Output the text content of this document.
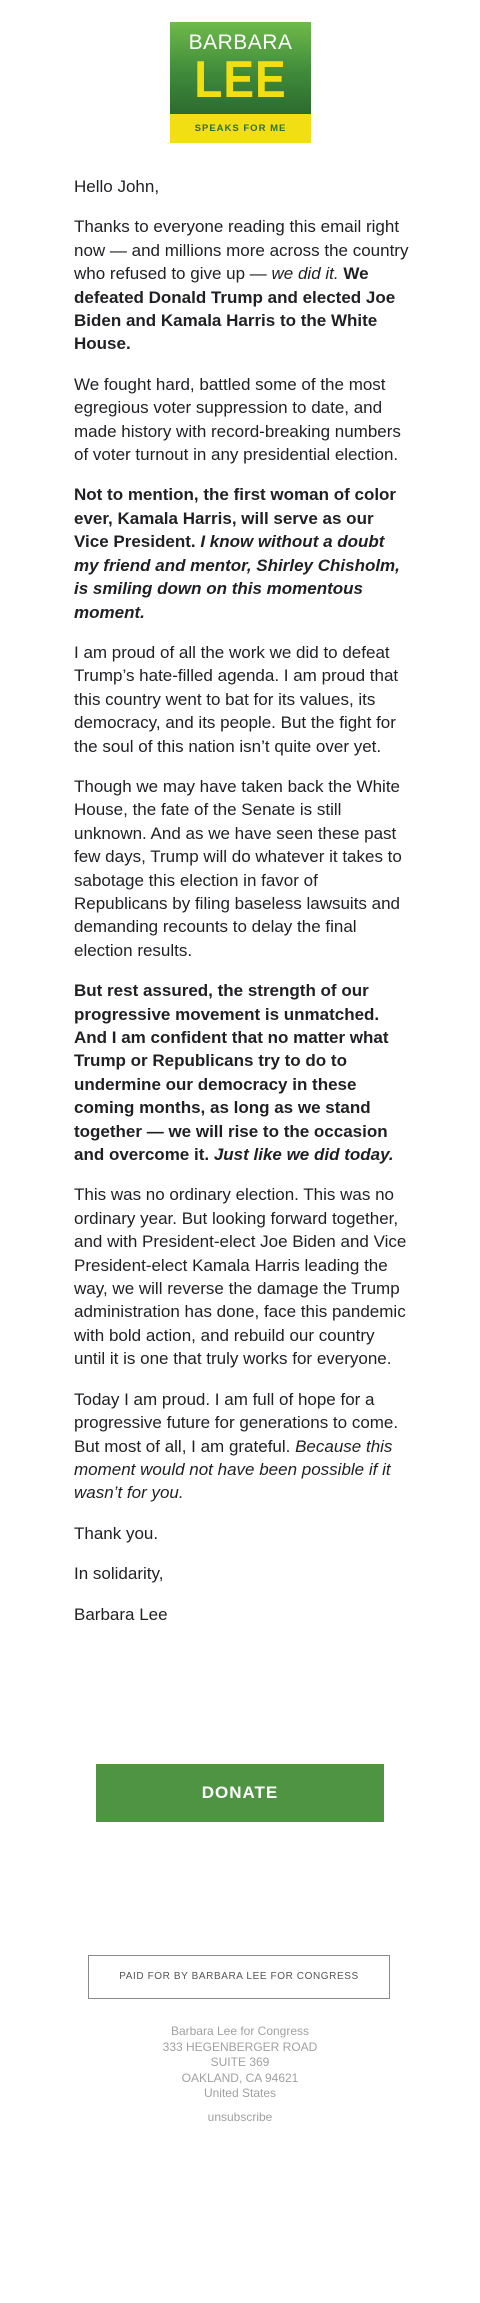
BARBARA
LEE
SPEAKS FOR ME

Hello John,

Thanks to everyone reading this email right now — and millions more across the country who refused to give up — we did it. We defeated Donald Trump and elected Joe Biden and Kamala Harris to the White House.

We fought hard, battled some of the most egregious voter suppression to date, and made history with record-breaking numbers of voter turnout in any presidential election.

Not to mention, the first woman of color ever, Kamala Harris, will serve as our Vice President. I know without a doubt my friend and mentor, Shirley Chisholm, is smiling down on this momentous moment.

I am proud of all the work we did to defeat Trump’s hate-filled agenda. I am proud that this country went to bat for its values, its democracy, and its people. But the fight for the soul of this nation isn’t quite over yet.

Though we may have taken back the White House, the fate of the Senate is still unknown. And as we have seen these past few days, Trump will do whatever it takes to sabotage this election in favor of Republicans by filing baseless lawsuits and demanding recounts to delay the final election results.

But rest assured, the strength of our progressive movement is unmatched. And I am confident that no matter what Trump or Republicans try to do to undermine our democracy in these coming months, as long as we stand together — we will rise to the occasion and overcome it. Just like we did today.

This was no ordinary election. This was no ordinary year. But looking forward together, and with President-elect Joe Biden and Vice President-elect Kamala Harris leading the way, we will reverse the damage the Trump administration has done, face this pandemic with bold action, and rebuild our country until it is one that truly works for everyone.

Today I am proud. I am full of hope for a progressive future for generations to come. But most of all, I am grateful. Because this moment would not have been possible if it wasn’t for you.

Thank you.

In solidarity,

Barbara Lee

DONATE
PAID FOR BY BARBARA LEE FOR CONGRESS
Barbara Lee for Congress
333 HEGENBERGER ROAD
SUITE 369
OAKLAND, CA 94621
United States
unsubscribe
